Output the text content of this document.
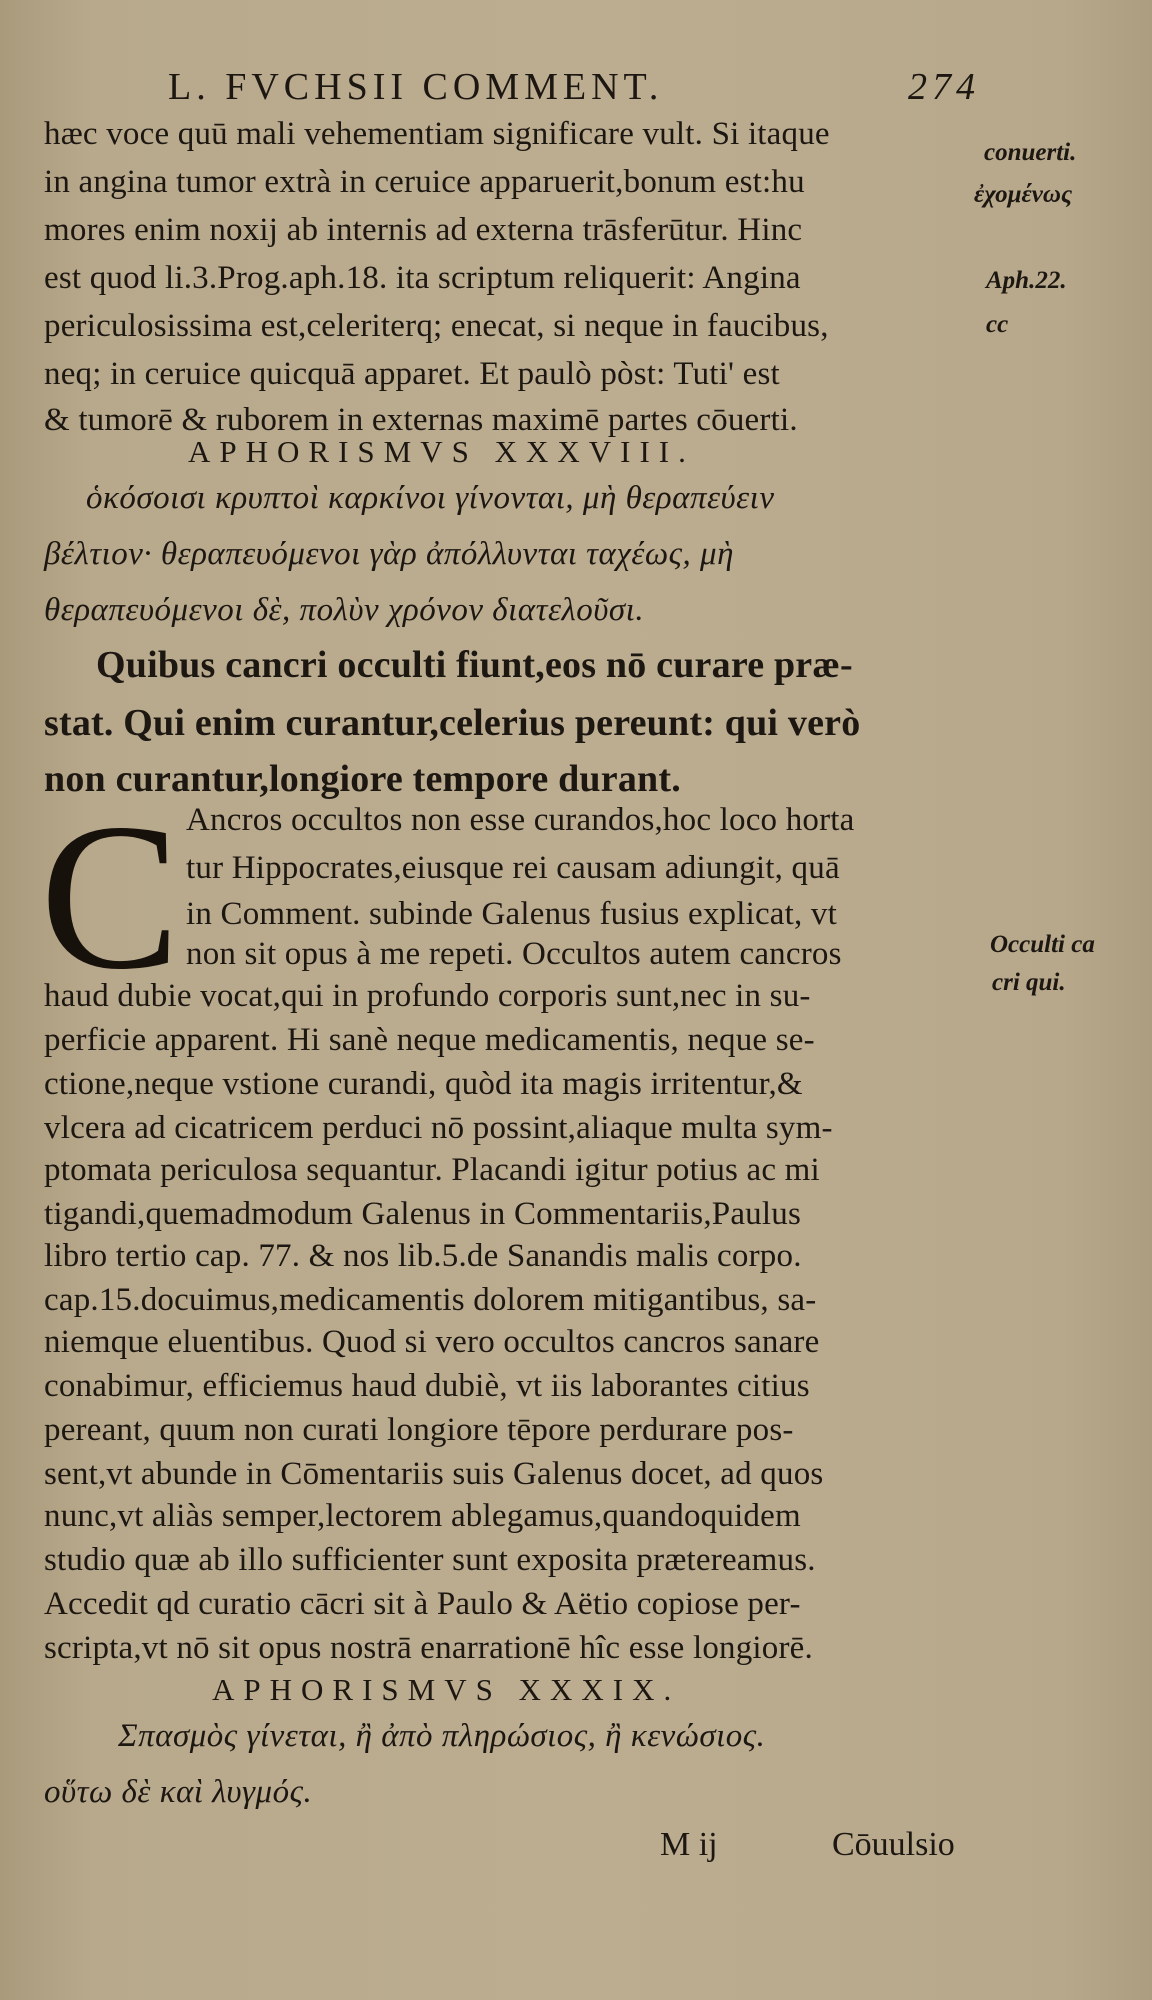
L. FVCHSII COMMENT.	274
hæc voce quū mali vehementiam significare vult. Si itaque
in angina tumor extrà in ceruice apparuerit,bonum est:hu
mores enim noxij ab internis ad externa trāsferūtur. Hinc
est quod li.3.Prog.aph.18. ita scriptum reliquerit: Angina
periculosissima est,celeriterq; enecat, si neque in faucibus,
neq; in ceruice quicquā apparet. Et paulò pòst: Tuti' est
& tumorē & ruborem in externas maximē partes cōuerti.
APHORISMVS XXXVIII.
ὁκόσοισι κρυπτοὶ καρκίνοι γίνονται, μὴ θεραπεύειν
βέλτιον· θεραπευόμενοι γὰρ ἀπόλλυνται ταχέως, μὴ
θεραπευόμενοι δὲ, πολὺν χρόνον διατελοῦσι.
Quibus cancri occulti fiunt,eos nō curare præ-
stat. Qui enim curantur,celerius pereunt: qui verò
non curantur,longiore tempore durant.
C Ancros occultos non esse curandos,hoc loco horta
tur Hippocrates,eiusque rei causam adiungit, quā
in Comment. subinde Galenus fusius explicat, vt
non sit opus à me repeti. Occultos autem cancros
haud dubie vocat,qui in profundo corporis sunt,nec in su-
perficie apparent. Hi sanè neque medicamentis, neque se-
ctione,neque vstione curandi, quòd ita magis irritentur,&
vlcera ad cicatricem perduci nō possint,aliaque multa sym-
ptomata periculosa sequantur. Placandi igitur potius ac mi
tigandi,quemadmodum Galenus in Commentariis,Paulus
libro tertio cap. 77. & nos lib.5.de Sanandis malis corpo.
cap.15.docuimus,medicamentis dolorem mitigantibus, sa-
niemque eluentibus. Quod si vero occultos cancros sanare
conabimur, efficiemus haud dubiè, vt iis laborantes citius
pereant, quum non curati longiore tēpore perdurare pos-
sent,vt abunde in Cōmentariis suis Galenus docet, ad quos
nunc,vt aliàs semper,lectorem ablegamus,quandoquidem
studio quæ ab illo sufficienter sunt exposita prætereamus.
Accedit qd curatio cācri sit à Paulo & Aëtio copiose per-
scripta,vt nō sit opus nostrā enarrationē hîc esse longiorē.
APHORISMVS XXXIX.
Σπασμὸς γίνεται, ἢ ἀπὸ πληρώσιος, ἢ κενώσιος.
οὕτω δὲ καὶ λυγμός.
conuerti.
ἐχομένως
Aph.22.
cc
Occulti ca
cri qui.
M ij	Cōuulsio
